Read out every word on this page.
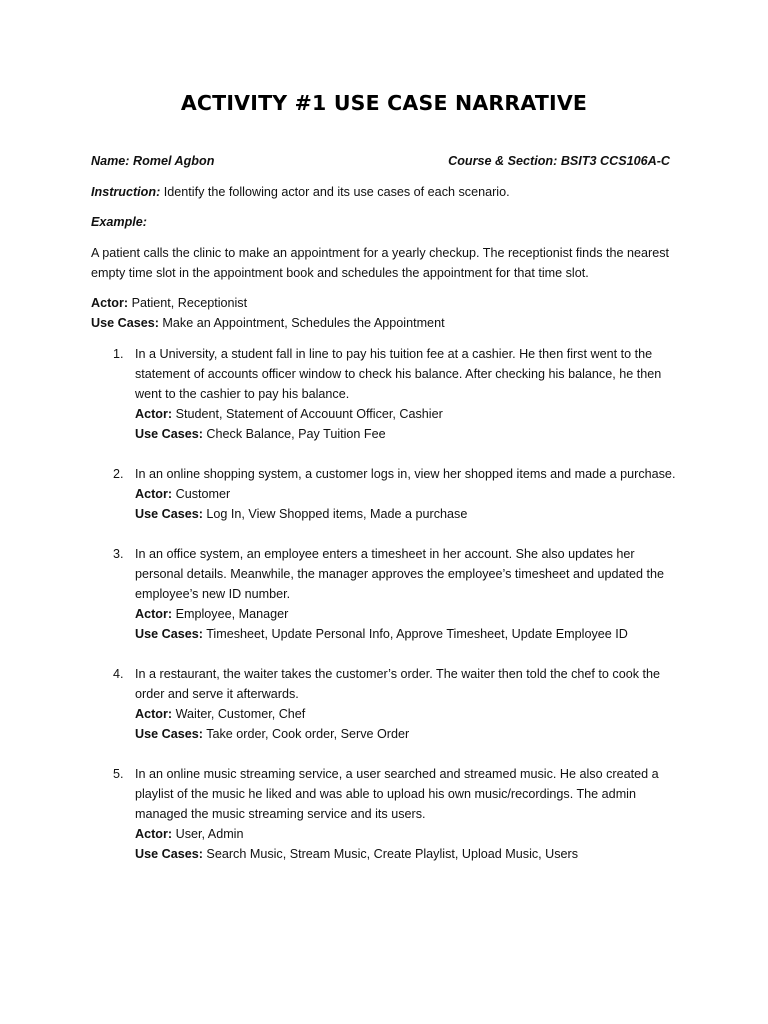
ACTIVITY #1 USE CASE NARRATIVE
Name: Romel Agbon	Course & Section: BSIT3 CCS106A-C
Instruction: Identify the following actor and its use cases of each scenario.
Example:
A patient calls the clinic to make an appointment for a yearly checkup. The receptionist finds the nearest
empty time slot in the appointment book and schedules the appointment for that time slot.
Actor: Patient, Receptionist
Use Cases: Make an Appointment, Schedules the Appointment
1. In a University, a student fall in line to pay his tuition fee at a cashier. He then first went to the
statement of accounts officer window to check his balance. After checking his balance, he then
went to the cashier to pay his balance.
Actor: Student, Statement of Accouunt Officer, Cashier
Use Cases: Check Balance, Pay Tuition Fee
2. In an online shopping system, a customer logs in, view her shopped items and made a purchase.
Actor: Customer
Use Cases: Log In, View Shopped items, Made a purchase
3. In an office system, an employee enters a timesheet in her account. She also updates her
personal details. Meanwhile, the manager approves the employee’s timesheet and updated the
employee’s new ID number.
Actor: Employee, Manager
Use Cases: Timesheet, Update Personal Info, Approve Timesheet, Update Employee ID
4. In a restaurant, the waiter takes the customer’s order. The waiter then told the chef to cook the
order and serve it afterwards.
Actor: Waiter, Customer, Chef
Use Cases: Take order, Cook order, Serve Order
5. In an online music streaming service, a user searched and streamed music. He also created a
playlist of the music he liked and was able to upload his own music/recordings. The admin
managed the music streaming service and its users.
Actor: User, Admin
Use Cases: Search Music, Stream Music, Create Playlist, Upload Music, Users
